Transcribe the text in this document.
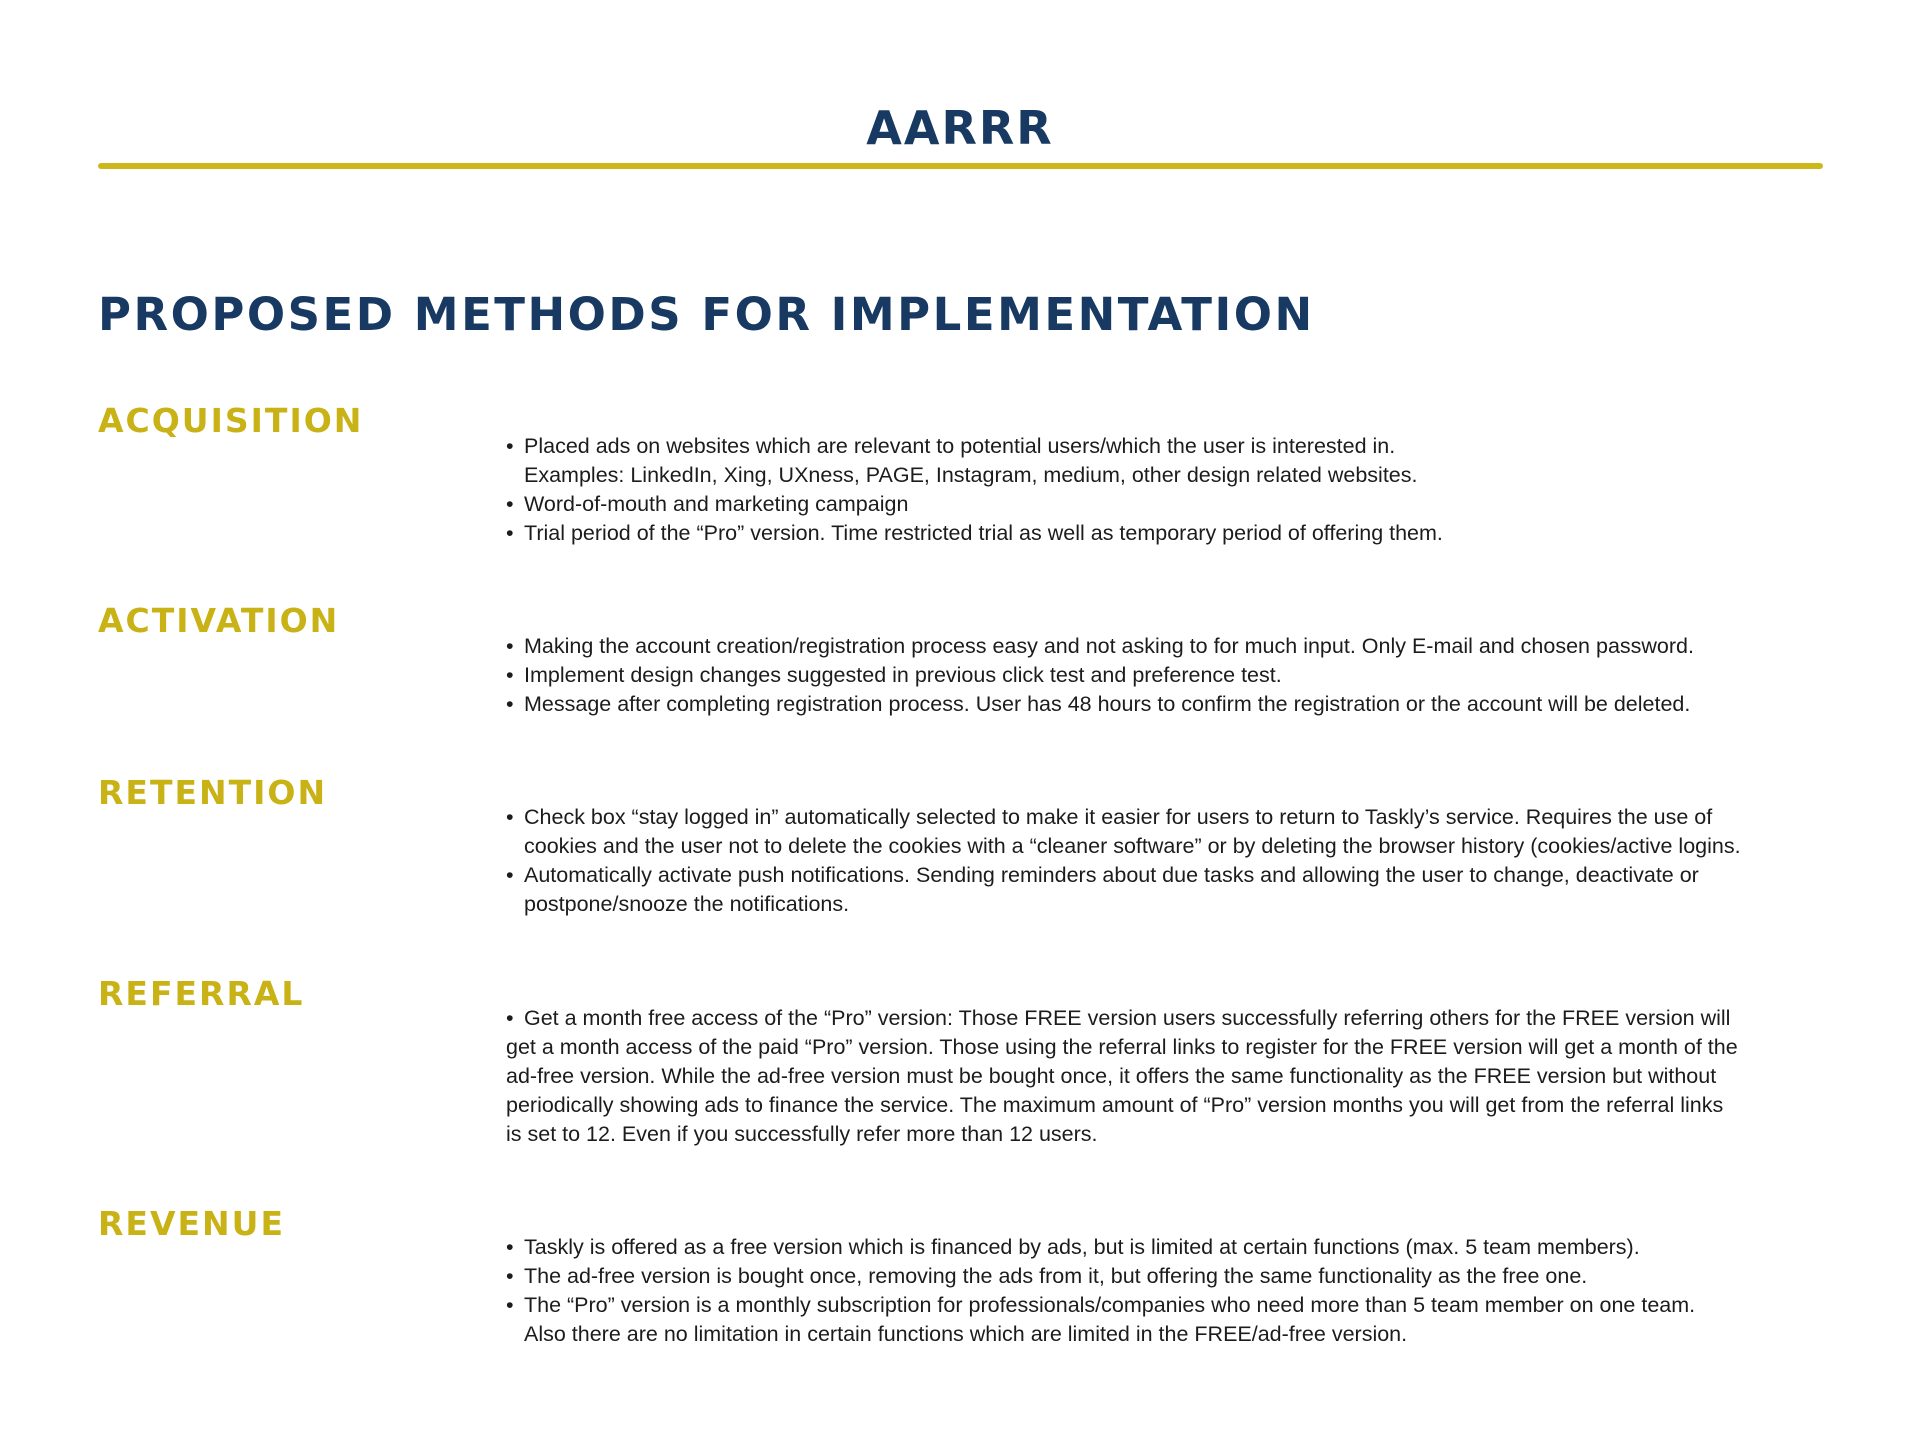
AARRR
PROPOSED METHODS FOR IMPLEMENTATION
ACQUISITION
• Placed ads on websites which are relevant to potential users/which the user is interested in.
Examples: LinkedIn, Xing, UXness, PAGE, Instagram, medium, other design related websites.
• Word-of-mouth and marketing campaign
• Trial period of the “Pro” version. Time restricted trial as well as temporary period of offering them.
ACTIVATION
• Making the account creation/registration process easy and not asking to for much input. Only E-mail and chosen password.
• Implement design changes suggested in previous click test and preference test.
• Message after completing registration process. User has 48 hours to confirm the registration or the account will be deleted.
RETENTION
• Check box “stay logged in” automatically selected to make it easier for users to return to Taskly’s service. Requires the use of
cookies and the user not to delete the cookies with a “cleaner software” or by deleting the browser history (cookies/active logins.
• Automatically activate push notifications. Sending reminders about due tasks and allowing the user to change, deactivate or
postpone/snooze the notifications.
REFERRAL
• Get a month free access of the “Pro” version: Those FREE version users successfully referring others for the FREE version will
get a month access of the paid “Pro” version. Those using the referral links to register for the FREE version will get a month of the
ad-free version. While the ad-free version must be bought once, it offers the same functionality as the FREE version but without
periodically showing ads to finance the service. The maximum amount of “Pro” version months you will get from the referral links
is set to 12. Even if you successfully refer more than 12 users.
REVENUE
• Taskly is offered as a free version which is financed by ads, but is limited at certain functions (max. 5 team members).
• The ad-free version is bought once, removing the ads from it, but offering the same functionality as the free one.
• The “Pro” version is a monthly subscription for professionals/companies who need more than 5 team member on one team.
Also there are no limitation in certain functions which are limited in the FREE/ad-free version.
